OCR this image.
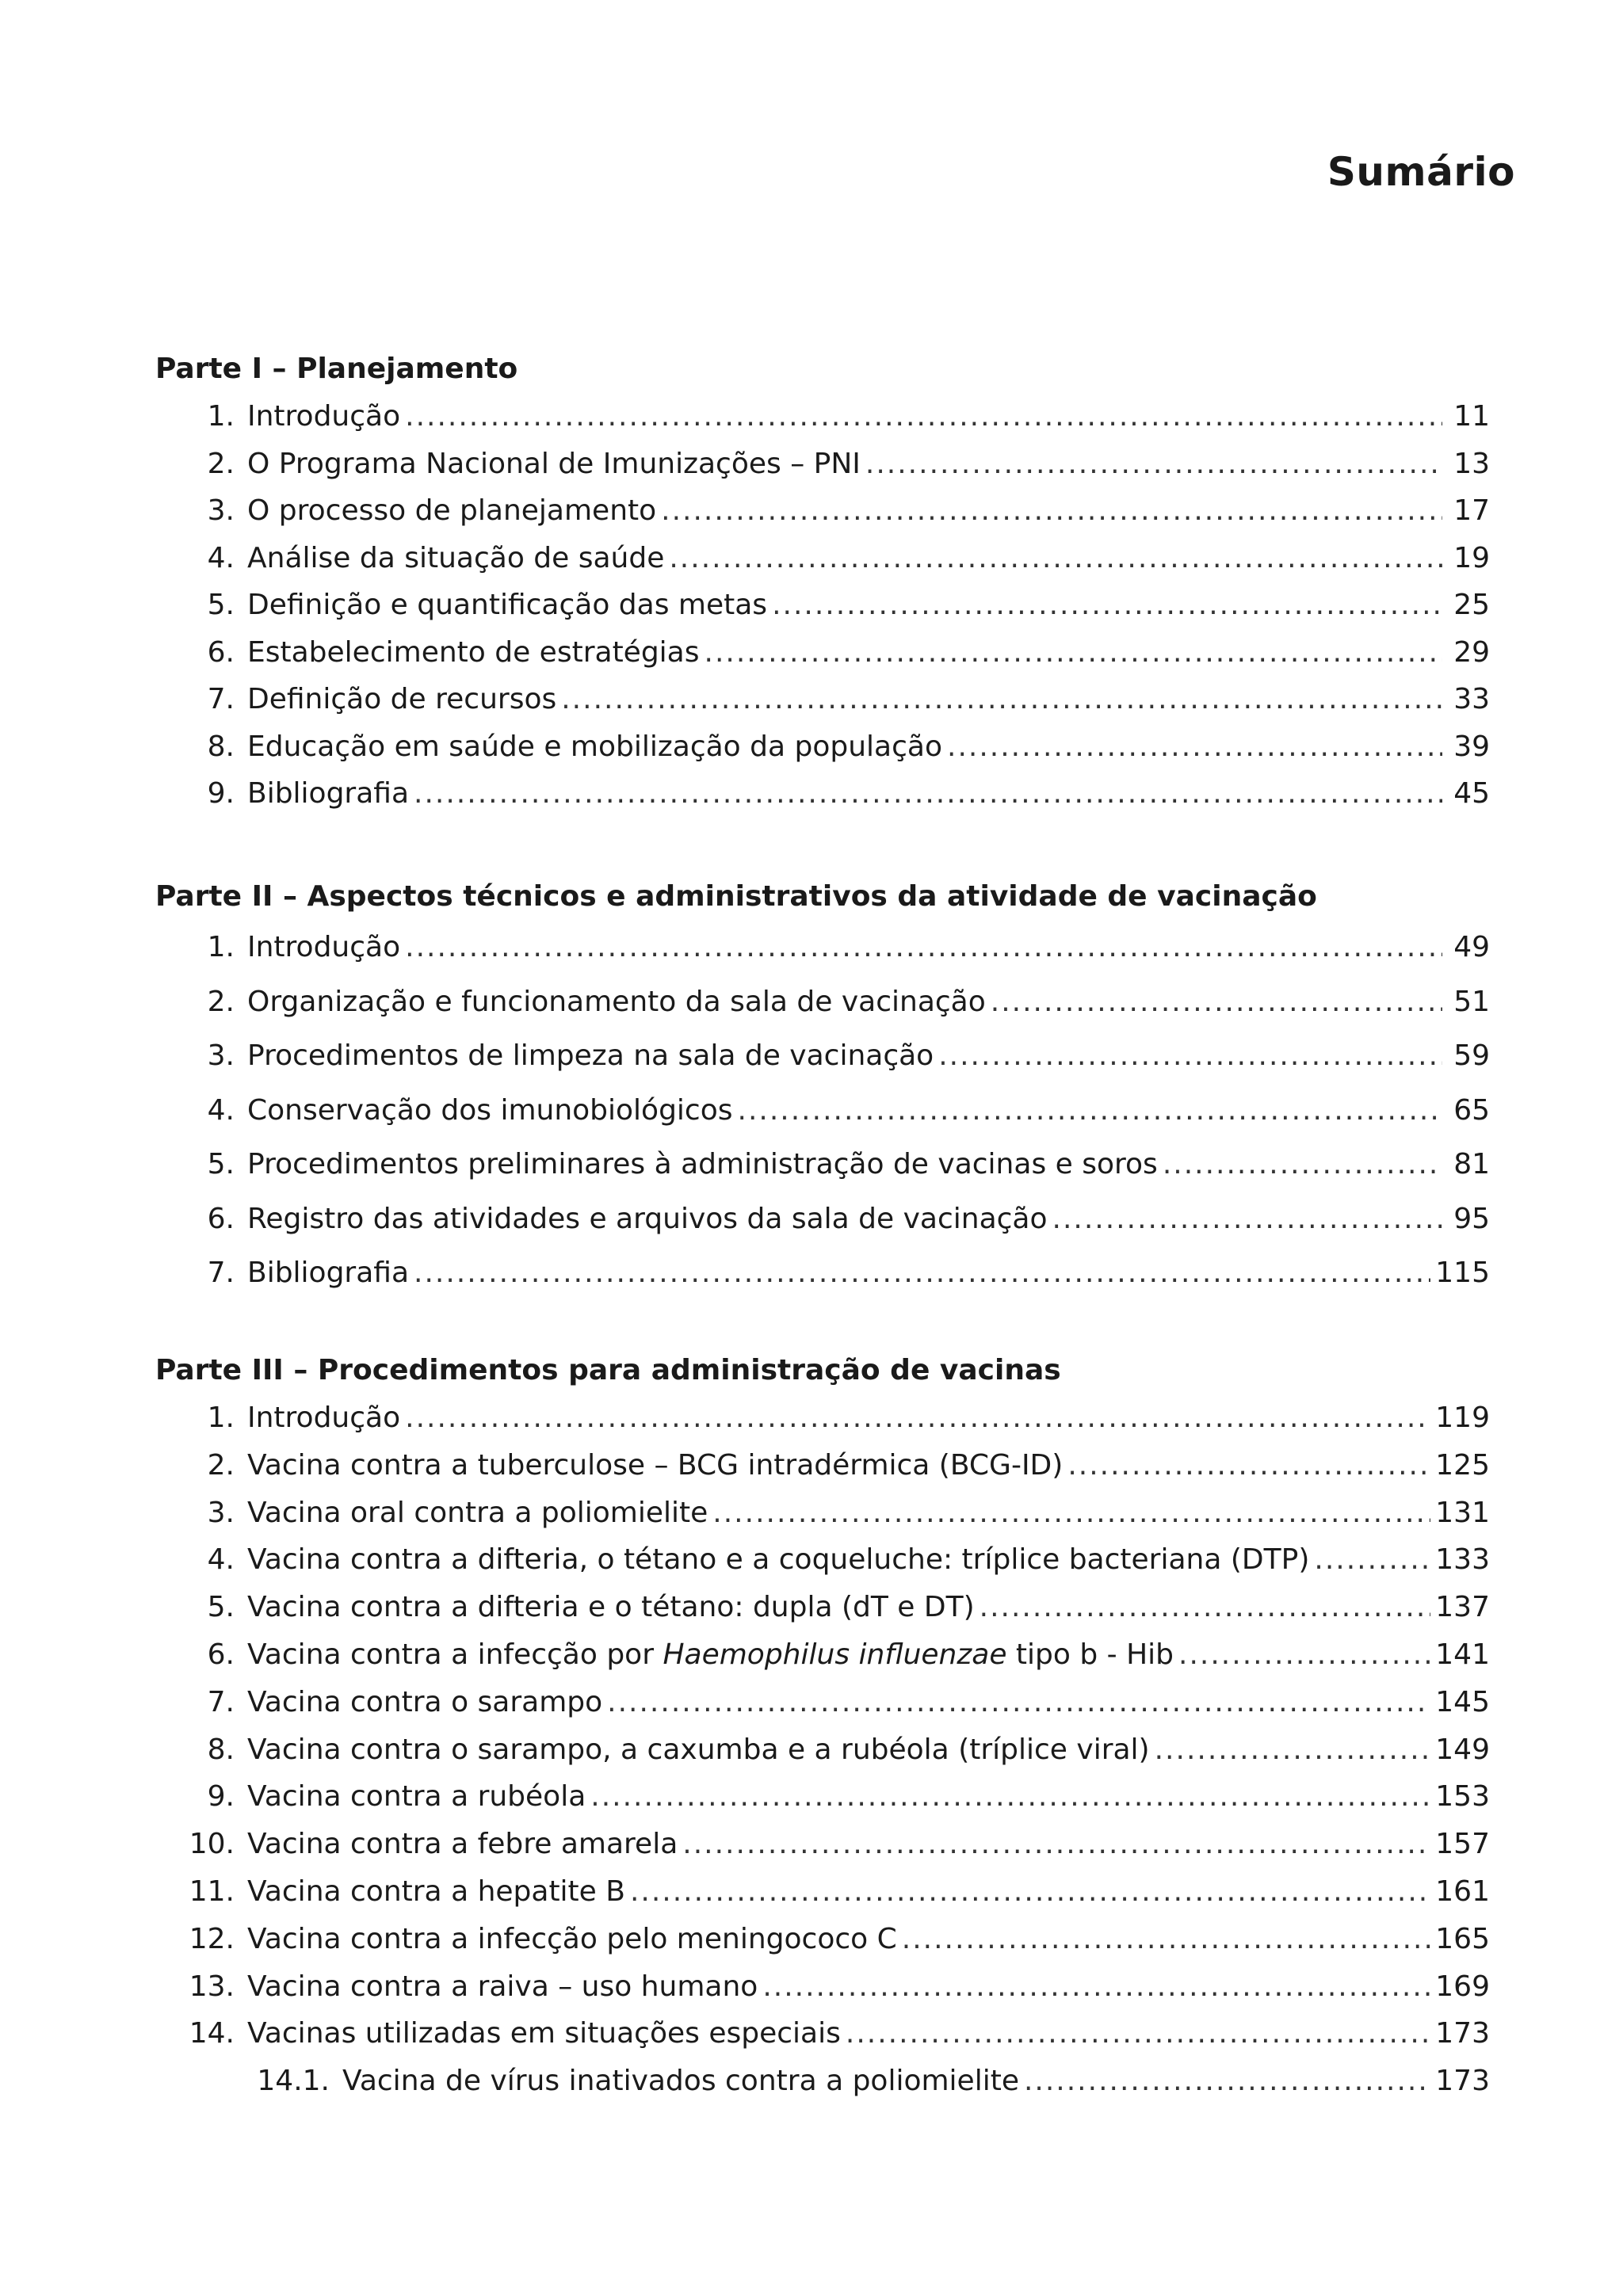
Sumário
Parte I – Planejamento
1. Introdução .....	11
2. O Programa Nacional de Imunizações – PNI .....	13
3. O processo de planejamento .....	17
4. Análise da situação de saúde .....	19
5. Definição e quantificação das metas .....	25
6. Estabelecimento de estratégias .....	29
7. Definição de recursos .....	33
8. Educação em saúde e mobilização da população .....	39
9. Bibliografia .....	45
Parte II – Aspectos técnicos e administrativos da atividade de vacinação
1. Introdução .....	49
2. Organização e funcionamento da sala de vacinação .....	51
3. Procedimentos de limpeza na sala de vacinação .....	59
4. Conservação dos imunobiológicos .....	65
5. Procedimentos preliminares à administração de vacinas e soros .....	81
6. Registro das atividades e arquivos da sala de vacinação .....	95
7. Bibliografia .....	115
Parte III – Procedimentos para administração de vacinas
1. Introdução .....	119
2. Vacina contra a tuberculose – BCG intradérmica (BCG-ID) .....	125
3. Vacina oral contra a poliomielite .....	131
4. Vacina contra a difteria, o tétano e a coqueluche: tríplice bacteriana (DTP) .....	133
5. Vacina contra a difteria e o tétano: dupla (dT e DT) .....	137
6. Vacina contra a infecção por Haemophilus influenzae tipo b - Hib .....	141
7. Vacina contra o sarampo .....	145
8. Vacina contra o sarampo, a caxumba e a rubéola (tríplice viral) .....	149
9. Vacina contra a rubéola .....	153
10. Vacina contra a febre amarela .....	157
11. Vacina contra a hepatite B .....	161
12. Vacina contra a infecção pelo meningococo C .....	165
13. Vacina contra a raiva – uso humano .....	169
14. Vacinas utilizadas em situações especiais .....	173
14.1. Vacina de vírus inativados contra a poliomielite .....	173
